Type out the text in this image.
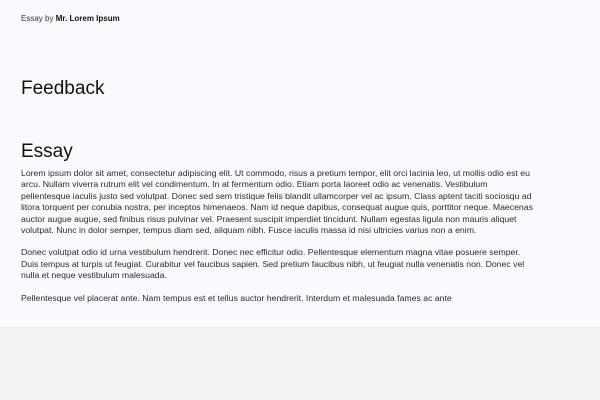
Essay by Mr. Lorem Ipsum
Feedback
Essay

Lorem ipsum dolor sit amet, consectetur adipiscing elit. Ut commodo, risus a pretium tempor, elit orci lacinia leo, ut mollis odio est eu arcu. Nullam viverra rutrum elit vel condimentum. In at fermentum odio. Etiam porta laoreet odio ac venenatis. Vestibulum pellentesque iaculis justo sed volutpat. Donec sed sem tristique felis blandit ullamcorper vel ac ipsum. Class aptent taciti sociosqu ad litora torquent per conubia nostra, per inceptos himenaeos. Nam id neque dapibus, consequat augue quis, porttitor neque. Maecenas auctor augue augue, sed finibus risus pulvinar vel. Praesent suscipit imperdiet tincidunt. Nullam egestas ligula non mauris aliquet volutpat. Nunc in dolor semper, tempus diam sed, aliquam nibh. Fusce iaculis massa id nisi ultricies varius non a enim.

Donec volutpat odio id urna vestibulum hendrerit. Donec nec efficitur odio. Pellentesque elementum magna vitae posuere semper. Duis tempus at turpis ut feugiat. Curabitur vel faucibus sapien. Sed pretium faucibus nibh, ut feugiat nulla venenatis non. Donec vel nulla et neque vestibulum malesuada.

Pellentesque vel placerat ante. Nam tempus est et tellus auctor hendrerit. Interdum et malesuada fames ac ante
